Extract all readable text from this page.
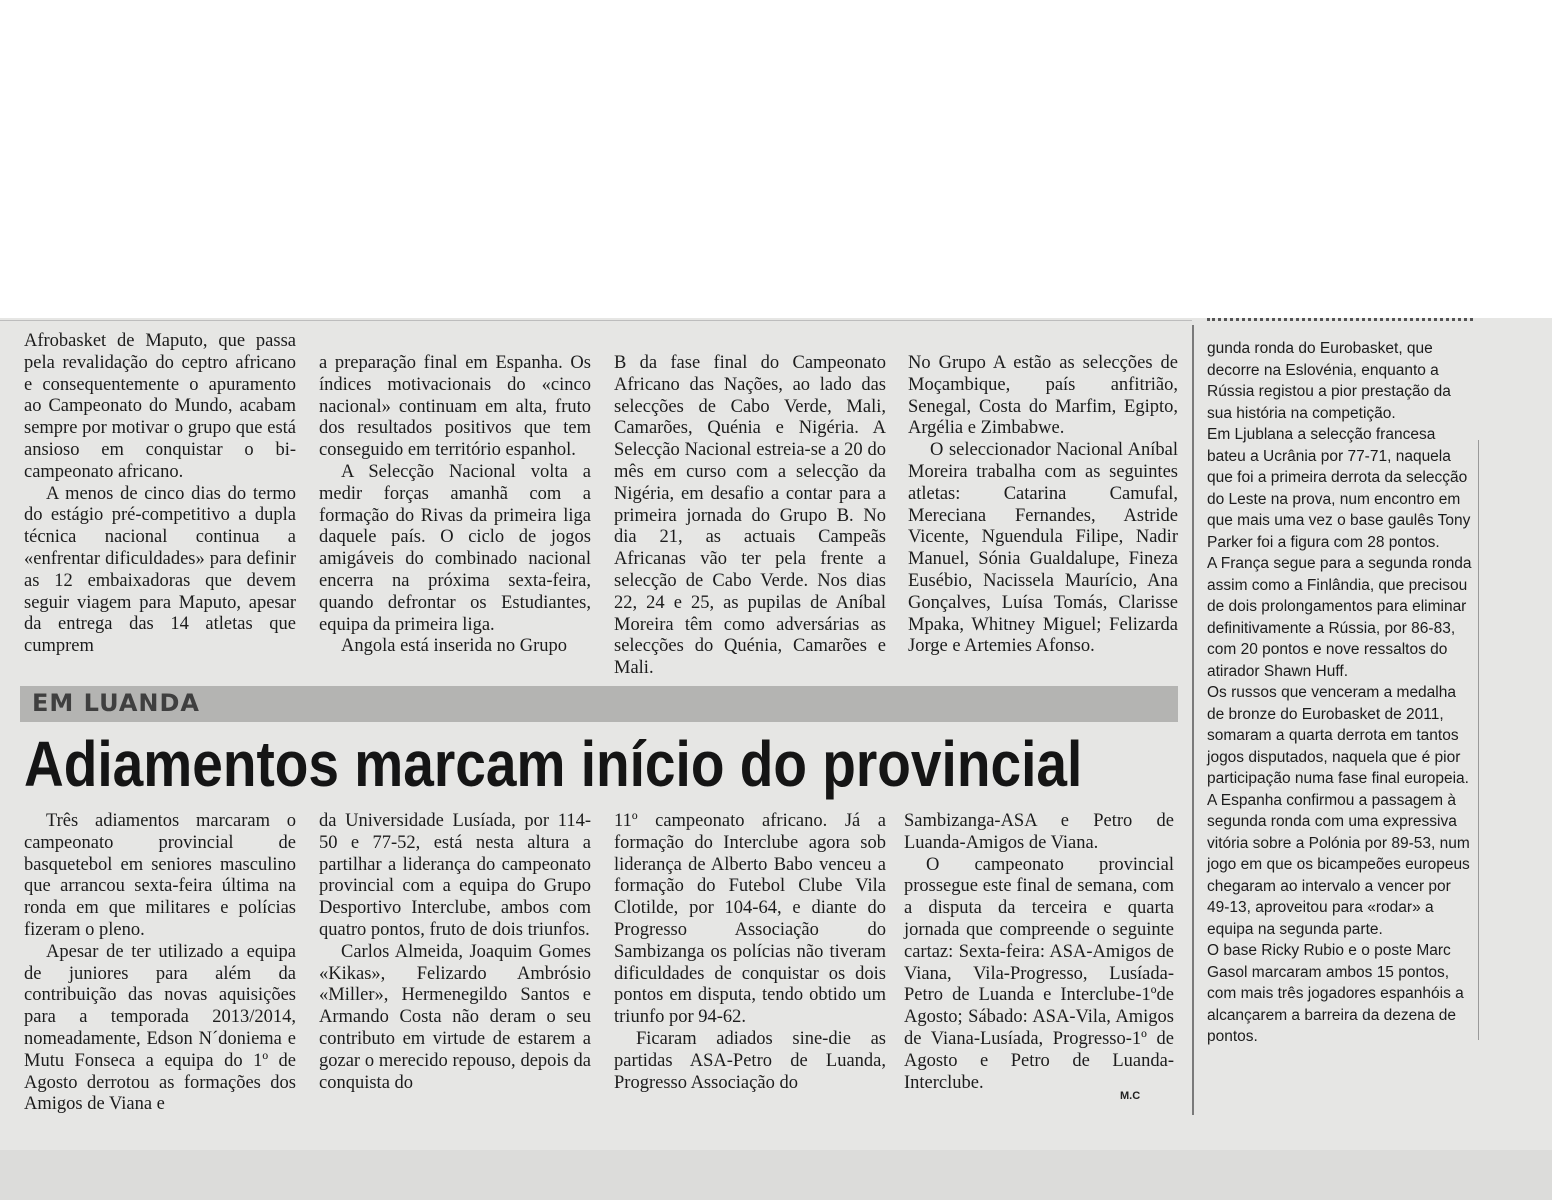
Afrobasket de Maputo, que passa pela revalidação do ceptro africano e consequentemente o apuramento ao Campeonato do Mundo, acabam sempre por motivar o grupo que está ansioso em conquistar o bi-campeonato africano.

A menos de cinco dias do termo do estágio pré-competitivo a dupla técnica nacional continua a «enfrentar dificuldades» para definir as 12 embaixadoras que devem seguir viagem para Maputo, apesar da entrega das 14 atletas que cumprem

a preparação final em Espanha. Os índices motivacionais do «cinco nacional» continuam em alta, fruto dos resultados positivos que tem conseguido em território espanhol.

A Selecção Nacional volta a medir forças amanhã com a formação do Rivas da primeira liga daquele país. O ciclo de jogos amigáveis do combinado nacional encerra na próxima sexta-feira, quando defrontar os Estudiantes, equipa da primeira liga.

Angola está inserida no Grupo

B da fase final do Campeonato Africano das Nações, ao lado das selecções de Cabo Verde, Mali, Camarões, Quénia e Nigéria. A Selecção Nacional estreia-se a 20 do mês em curso com a selecção da Nigéria, em desafio a contar para a primeira jornada do Grupo B. No dia 21, as actuais Campeãs Africanas vão ter pela frente a selecção de Cabo Verde. Nos dias 22, 24 e 25, as pupilas de Aníbal Moreira têm como adversárias as selecções do Quénia, Camarões e Mali.

No Grupo A estão as selecções de Moçambique, país anfitrião, Senegal, Costa do Marfim, Egipto, Argélia e Zimbabwe.

O seleccionador Nacional Aníbal Moreira trabalha com as seguintes atletas: Catarina Camufal, Mereciana Fernandes, Astride Vicente, Nguendula Filipe, Nadir Manuel, Sónia Gualdalupe, Fineza Eusébio, Nacissela Maurício, Ana Gonçalves, Luísa Tomás, Clarisse Mpaka, Whitney Miguel; Felizarda Jorge e Artemies Afonso.

EM LUANDA
Adiamentos marcam início do provincial

Três adiamentos marcaram o campeonato provincial de basquetebol em seniores masculino que arrancou sexta-feira última na ronda em que militares e polícias fizeram o pleno.

Apesar de ter utilizado a equipa de juniores para além da contribuição das novas aquisições para a temporada 2013/2014, nomeadamente, Edson N´doniema e Mutu Fonseca a equipa do 1º de Agosto derrotou as formações dos Amigos de Viana e

da Universidade Lusíada, por 114-50 e 77-52, está nesta altura a partilhar a liderança do campeonato provincial com a equipa do Grupo Desportivo Interclube, ambos com quatro pontos, fruto de dois triunfos.

Carlos Almeida, Joaquim Gomes «Kikas», Felizardo Ambrósio «Miller», Hermenegildo Santos e Armando Costa não deram o seu contributo em virtude de estarem a gozar o merecido repouso, depois da conquista do

11º campeonato africano. Já a formação do Interclube agora sob liderança de Alberto Babo venceu a formação do Futebol Clube Vila Clotilde, por 104-64, e diante do Progresso Associação do Sambizanga os polícias não tiveram dificuldades de conquistar os dois pontos em disputa, tendo obtido um triunfo por 94-62.

Ficaram adiados sine-die as partidas ASA-Petro de Luanda, Progresso Associação do

Sambizanga-ASA e Petro de Luanda-Amigos de Viana.

O campeonato provincial prossegue este final de semana, com a disputa da terceira e quarta jornada que compreende o seguinte cartaz: Sexta-feira: ASA-Amigos de Viana, Vila-Progresso, Lusíada-Petro de Luanda e Interclube-1ºde Agosto; Sábado: ASA-Vila, Amigos de Viana-Lusíada, Progresso-1º de Agosto e Petro de Luanda-Interclube.

M.C

gunda ronda do Eurobasket, que decorre na Eslovénia, enquanto a Rússia registou a pior prestação da sua história na competição.

Em Ljublana a selecção francesa bateu a Ucrânia por 77-71, naquela que foi a primeira derrota da selecção do Leste na prova, num encontro em que mais uma vez o base gaulês Tony Parker foi a figura com 28 pontos.

A França segue para a segunda ronda assim como a Finlândia, que precisou de dois prolongamentos para eliminar definitivamente a Rússia, por 86-83, com 20 pontos e nove ressaltos do atirador Shawn Huff.

Os russos que venceram a medalha de bronze do Eurobasket de 2011, somaram a quarta derrota em tantos jogos disputados, naquela que é pior participação numa fase final europeia.

A Espanha confirmou a passagem à segunda ronda com uma expressiva vitória sobre a Polónia por 89-53, num jogo em que os bicampeões europeus chegaram ao intervalo a vencer por 49-13, aproveitou para «rodar» a equipa na segunda parte.

O base Ricky Rubio e o poste Marc Gasol marcaram ambos 15 pontos, com mais três jogadores espanhóis a alcançarem a barreira da dezena de pontos.
